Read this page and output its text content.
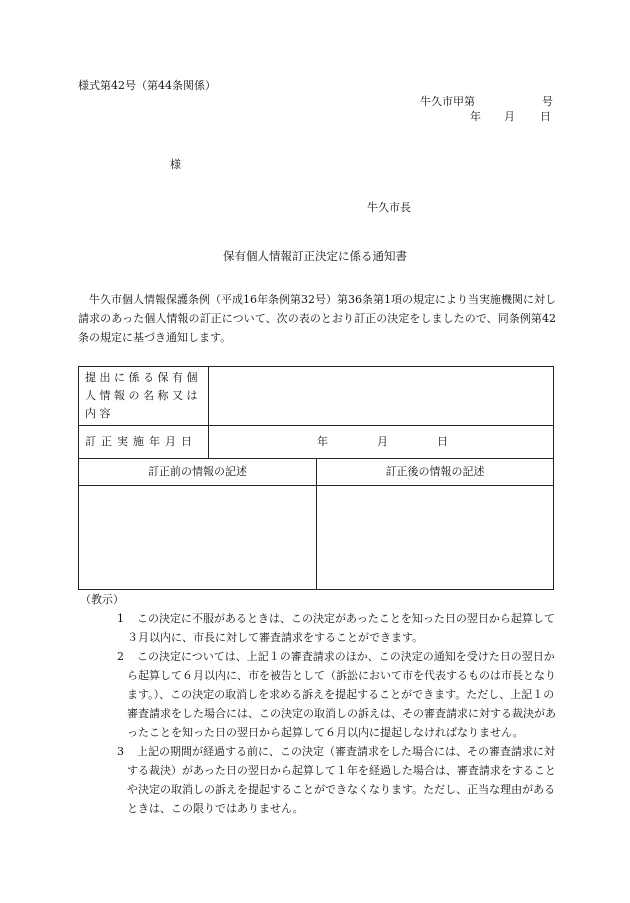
様式第42号（第44条関係）
牛久市甲第	号
年 月 日
様
牛久市長
保有個人情報訂正決定に係る通知書

　牛久市個人情報保護条例（平成16年条例第32号）第36条第1項の規定により当実施機関に対し請求のあった個人情報の訂正について、次の表のとおり訂正の決定をしましたので、同条例第42条の規定に基づき通知します。

提出に係る保有個人情報の名称又は内容		

訂正実施年月日	年 月 日	

訂正前の情報の記述		訂正後の情報の記述

（教示）
1	この決定に不服があるときは、この決定があったことを知った日の翌日から起算して３月以内に、市長に対して審査請求をすることができます。
2	この決定については、上記１の審査請求のほか、この決定の通知を受けた日の翌日から起算して６月以内に、市を被告として（訴訟において市を代表するものは市長となります。）、この決定の取消しを求める訴えを提起することができます。ただし、上記１の審査請求をした場合には、この決定の取消しの訴えは、その審査請求に対する裁決があったことを知った日の翌日から起算して６月以内に提起しなければなりません。
3	上記の期間が経過する前に、この決定（審査請求をした場合には、その審査請求に対する裁決）があった日の翌日から起算して１年を経過した場合は、審査請求をすることや決定の取消しの訴えを提起することができなくなります。ただし、正当な理由があるときは、この限りではありません。
